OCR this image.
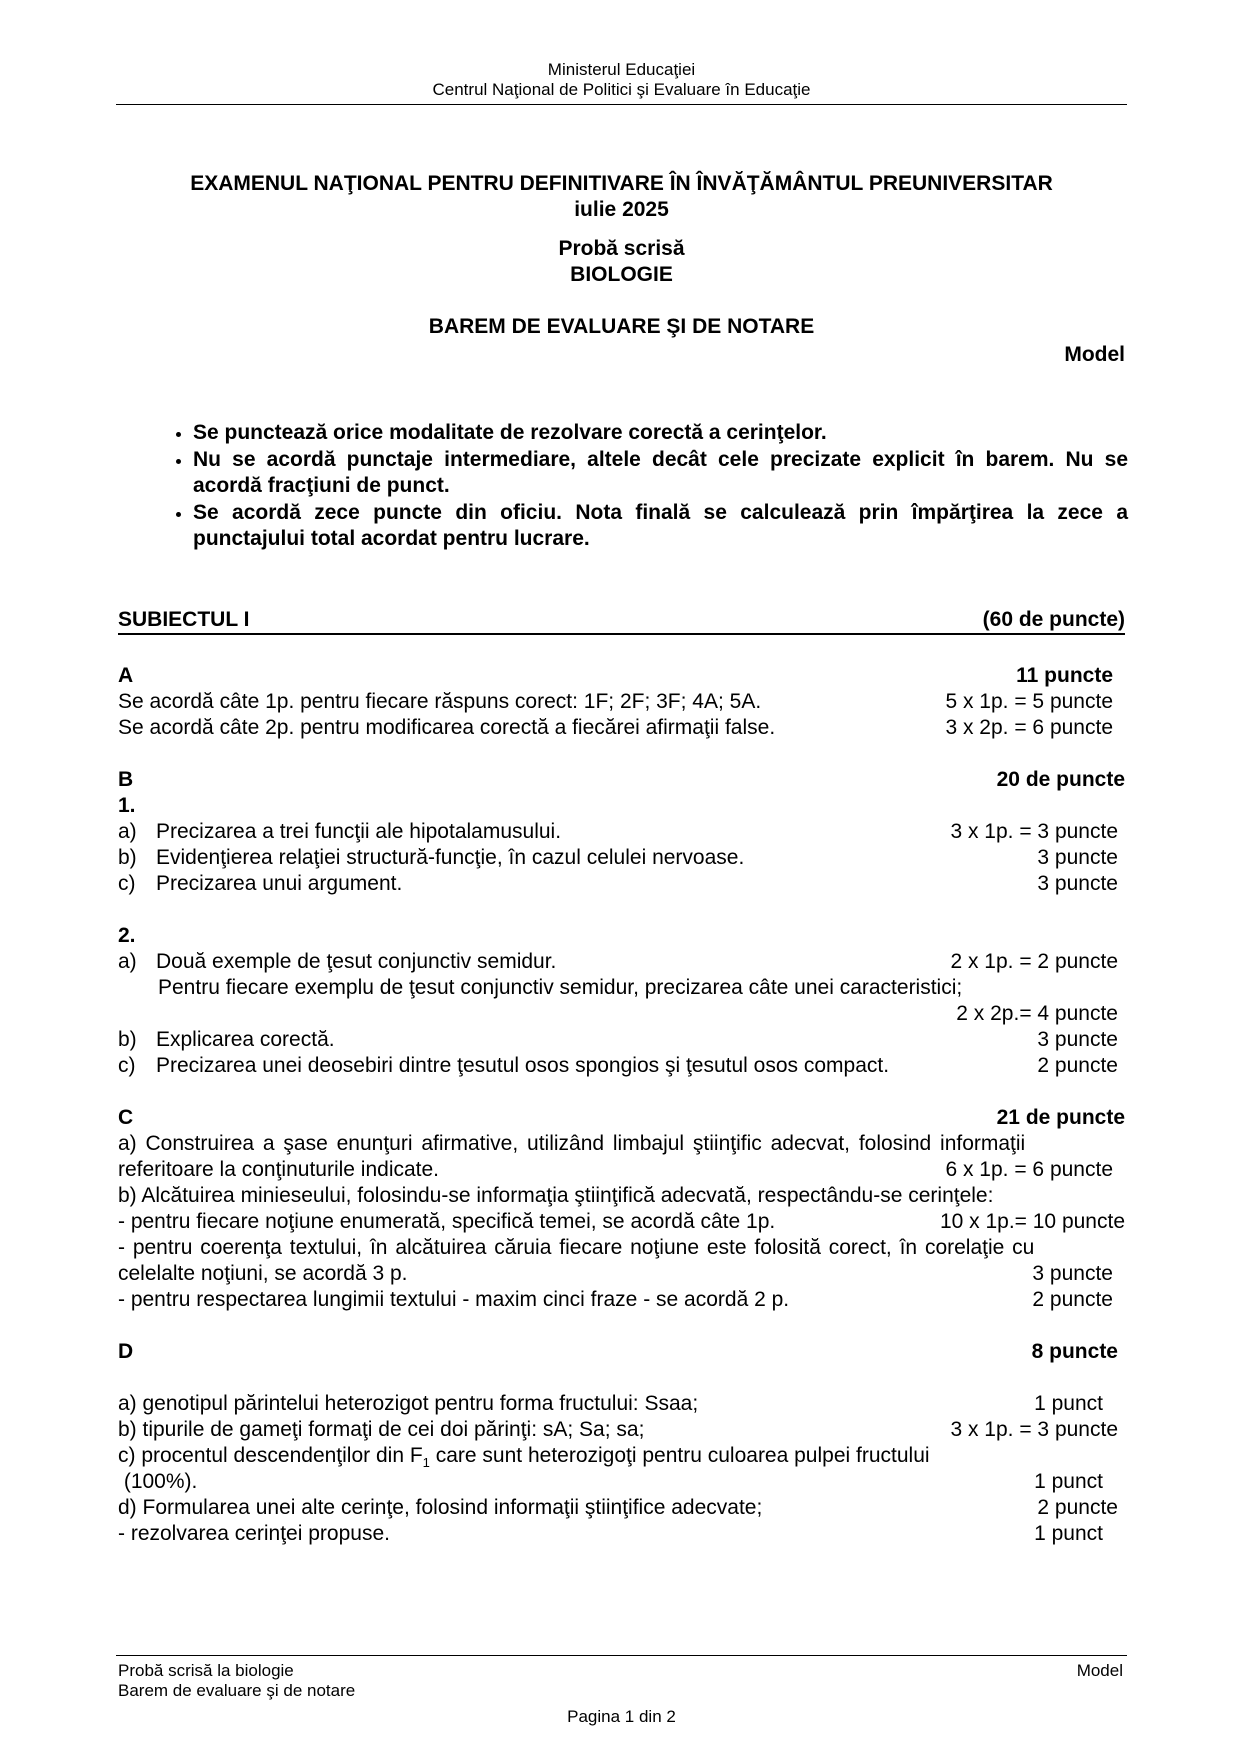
Ministerul Educaţiei
Centrul Naţional de Politici şi Evaluare în Educaţie
EXAMENUL NAŢIONAL PENTRU DEFINITIVARE ÎN ÎNVĂŢĂMÂNTUL PREUNIVERSITAR
iulie 2025
Probă scrisă
BIOLOGIE
BAREM DE EVALUARE ŞI DE NOTARE
Model
• Se punctează orice modalitate de rezolvare corectă a cerinţelor.
• Nu se acordă punctaje intermediare, altele decât cele precizate explicit în barem. Nu se acordă fracţiuni de punct.
• Se acordă zece puncte din oficiu. Nota finală se calculează prin împărţirea la zece a punctajului total acordat pentru lucrare.
SUBIECTUL I	(60 de puncte)
A	11 puncte
Se acordă câte 1p. pentru fiecare răspuns corect: 1F; 2F; 3F; 4A; 5A.	5 x 1p. = 5 puncte
Se acordă câte 2p. pentru modificarea corectă a fiecărei afirmaţii false.	3 x 2p. = 6 puncte
B	20 de puncte
1.
a) Precizarea a trei funcţii ale hipotalamusului.	3 x 1p. = 3 puncte
b) Evidenţierea relaţiei structură-funcţie, în cazul celulei nervoase.	3 puncte
c) Precizarea unui argument.	3 puncte
2.
a) Două exemple de ţesut conjunctiv semidur.	2 x 1p. = 2 puncte
Pentru fiecare exemplu de ţesut conjunctiv semidur, precizarea câte unei caracteristici;
2 x 2p.= 4 puncte
b) Explicarea corectă.	3 puncte
c) Precizarea unei deosebiri dintre ţesutul osos spongios şi ţesutul osos compact.	2 puncte
C	21 de puncte
a) Construirea a şase enunţuri afirmative, utilizând limbajul ştiinţific adecvat, folosind informaţii
referitoare la conţinuturile indicate.	6 x 1p. = 6 puncte
b) Alcătuirea minieseului, folosindu-se informaţia ştiinţifică adecvată, respectându-se cerinţele:
- pentru fiecare noţiune enumerată, specifică temei, se acordă câte 1p.	10 x 1p.= 10 puncte
- pentru coerenţa textului, în alcătuirea căruia fiecare noţiune este folosită corect, în corelaţie cu
celelalte noţiuni, se acordă 3 p.	3 puncte
- pentru respectarea lungimii textului - maxim cinci fraze - se acordă 2 p.	2 puncte
D	8 puncte
a) genotipul părintelui heterozigot pentru forma fructului: Ssaa;	1 punct
b) tipurile de gameţi formaţi de cei doi părinţi: sA; Sa; sa;	3 x 1p. = 3 puncte
c) procentul descendenţilor din $F_1$ care sunt heterozigoţi pentru culoarea pulpei fructului
(100%).	1 punct
d) Formularea unei alte cerinţe, folosind informaţii ştiinţifice adecvate;	2 puncte
- rezolvarea cerinţei propuse.	1 punct
Probă scrisă la biologie
Barem de evaluare şi de notare
Model
Pagina 1 din 2
